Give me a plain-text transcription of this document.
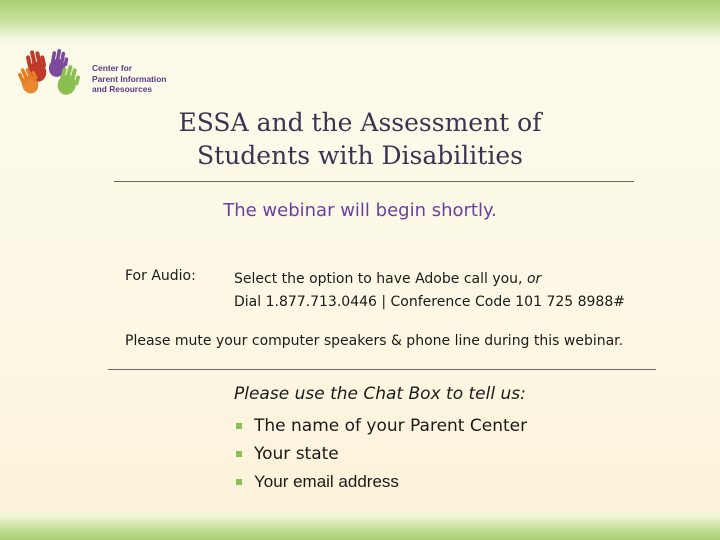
Center for
Parent Information
and Resources
ESSA and the Assessment of
Students with Disabilities
The webinar will begin shortly.
For Audio:	Select the option to have Adobe call you, or
Dial 1.877.713.0446 | Conference Code 101 725 8988#
Please mute your computer speakers & phone line during this webinar.
Please use the Chat Box to tell us:
The name of your Parent Center
Your state
Your email address
